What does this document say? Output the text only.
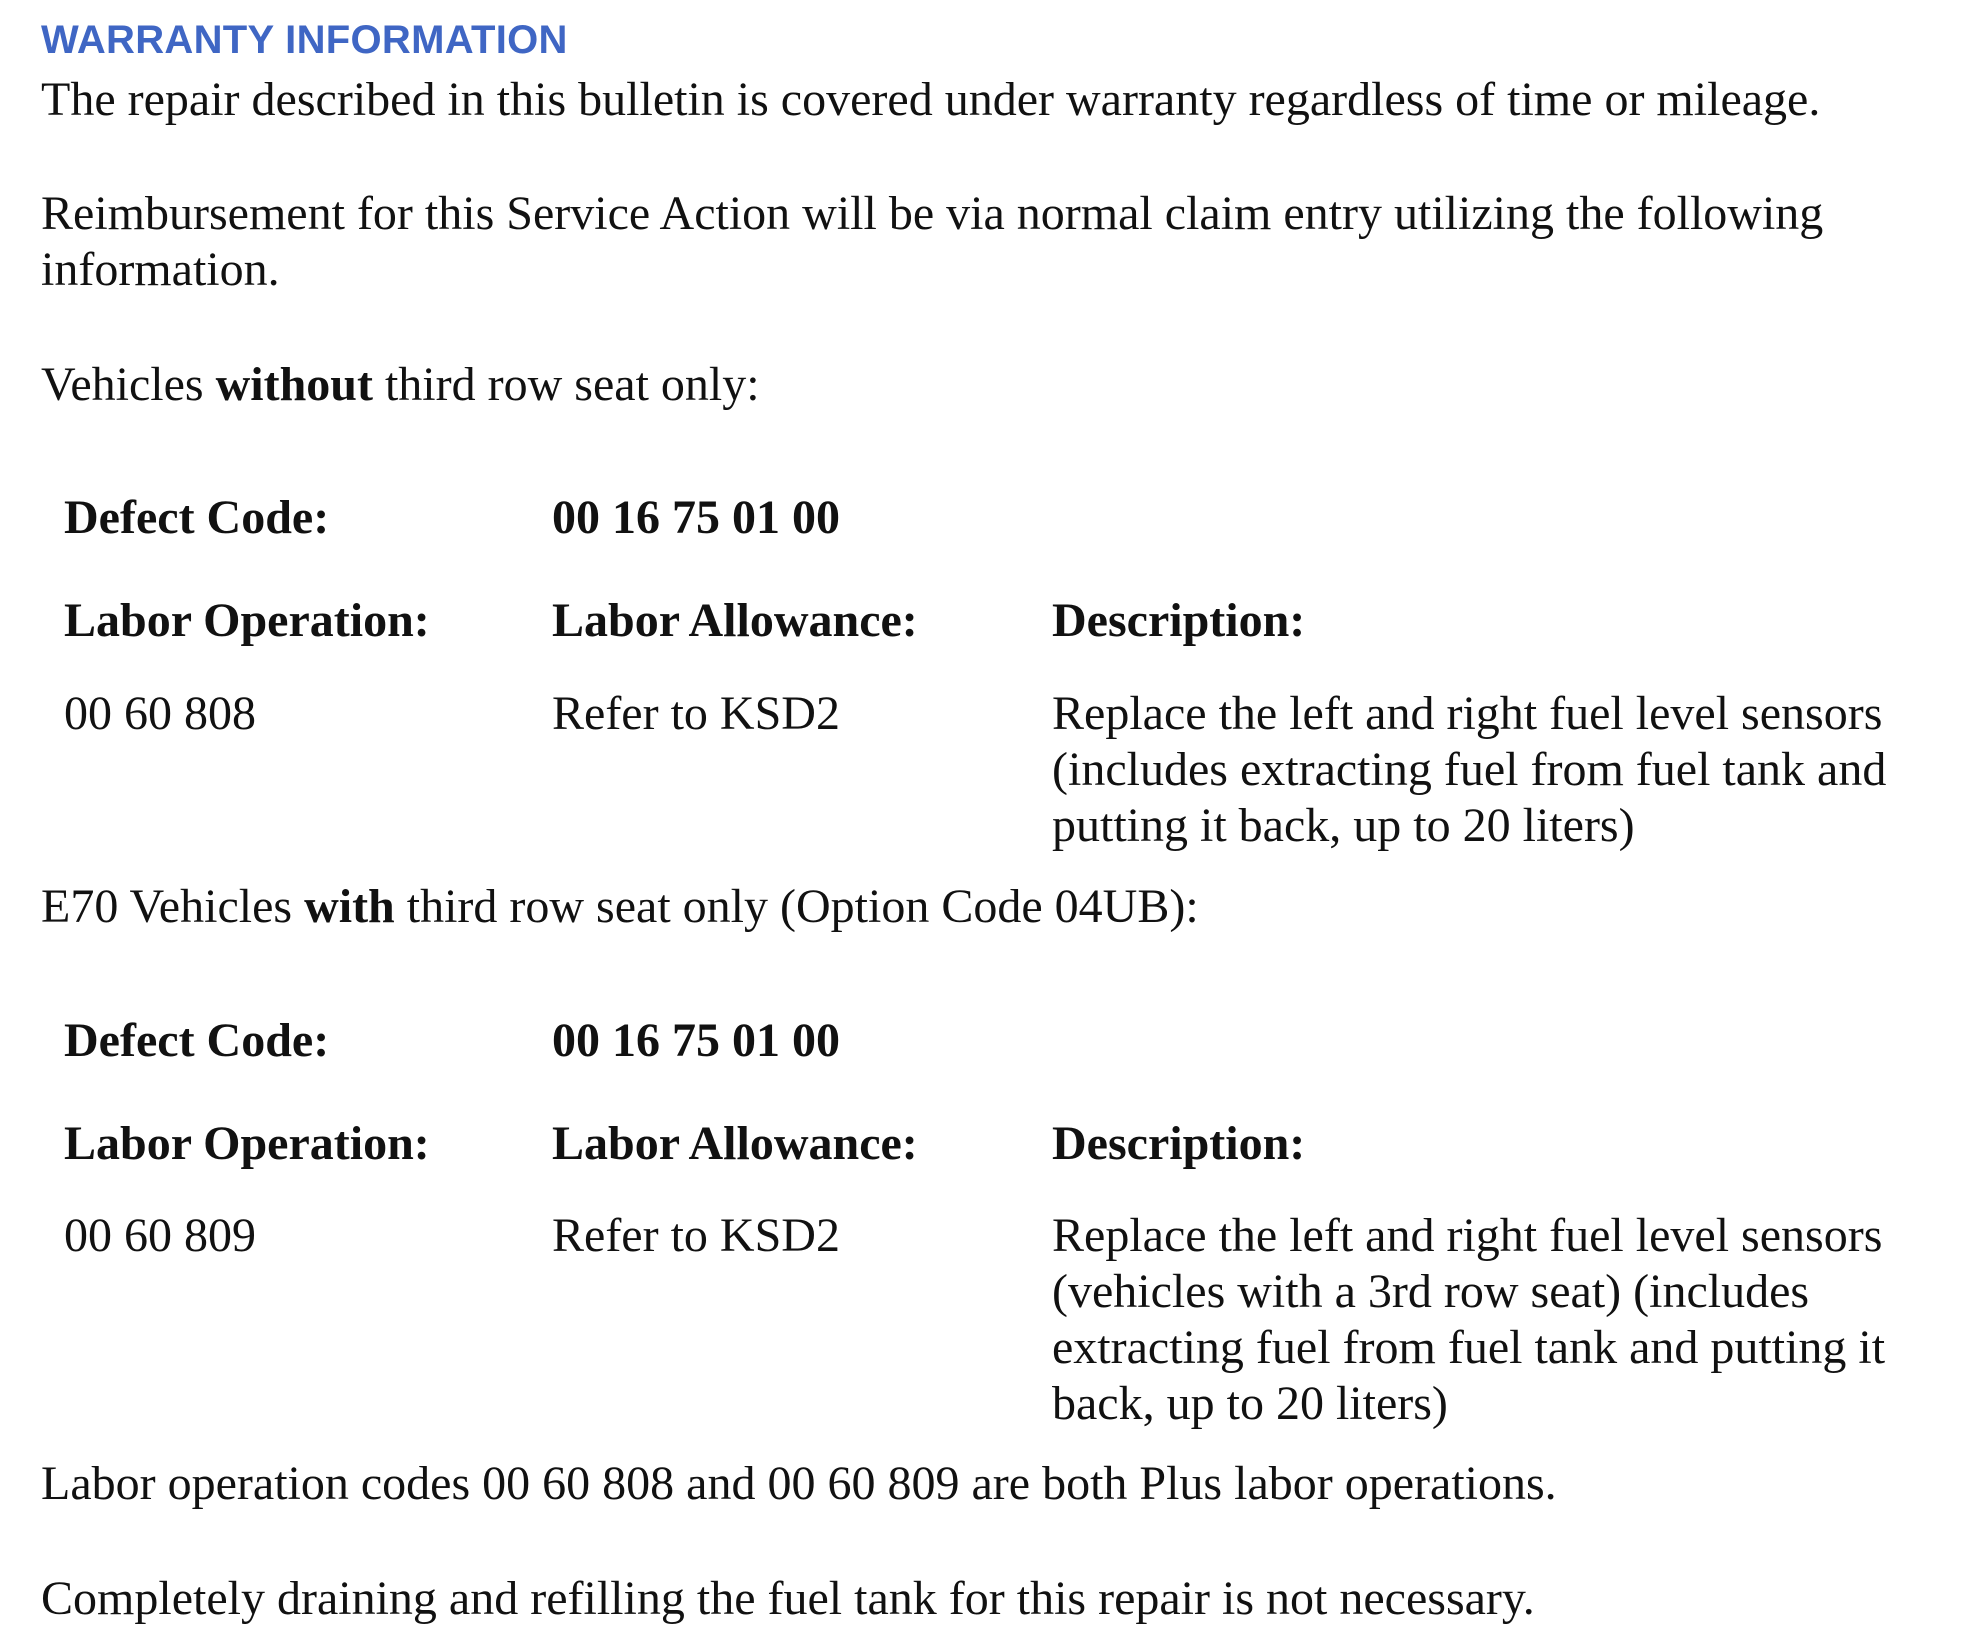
WARRANTY INFORMATION
The repair described in this bulletin is covered under warranty regardless of time or mileage.
Reimbursement for this Service Action will be via normal claim entry utilizing the following
information.
Vehicles without third row seat only:
Defect Code:	00 16 75 01 00
Labor Operation:	Labor Allowance:	Description:
00 60 808	Refer to KSD2	Replace the left and right fuel level sensors
(includes extracting fuel from fuel tank and
putting it back, up to 20 liters)
E70 Vehicles with third row seat only (Option Code 04UB):
Defect Code:	00 16 75 01 00
Labor Operation:	Labor Allowance:	Description:
00 60 809	Refer to KSD2	Replace the left and right fuel level sensors
(vehicles with a 3rd row seat) (includes
extracting fuel from fuel tank and putting it
back, up to 20 liters)
Labor operation codes 00 60 808 and 00 60 809 are both Plus labor operations.
Completely draining and refilling the fuel tank for this repair is not necessary.
